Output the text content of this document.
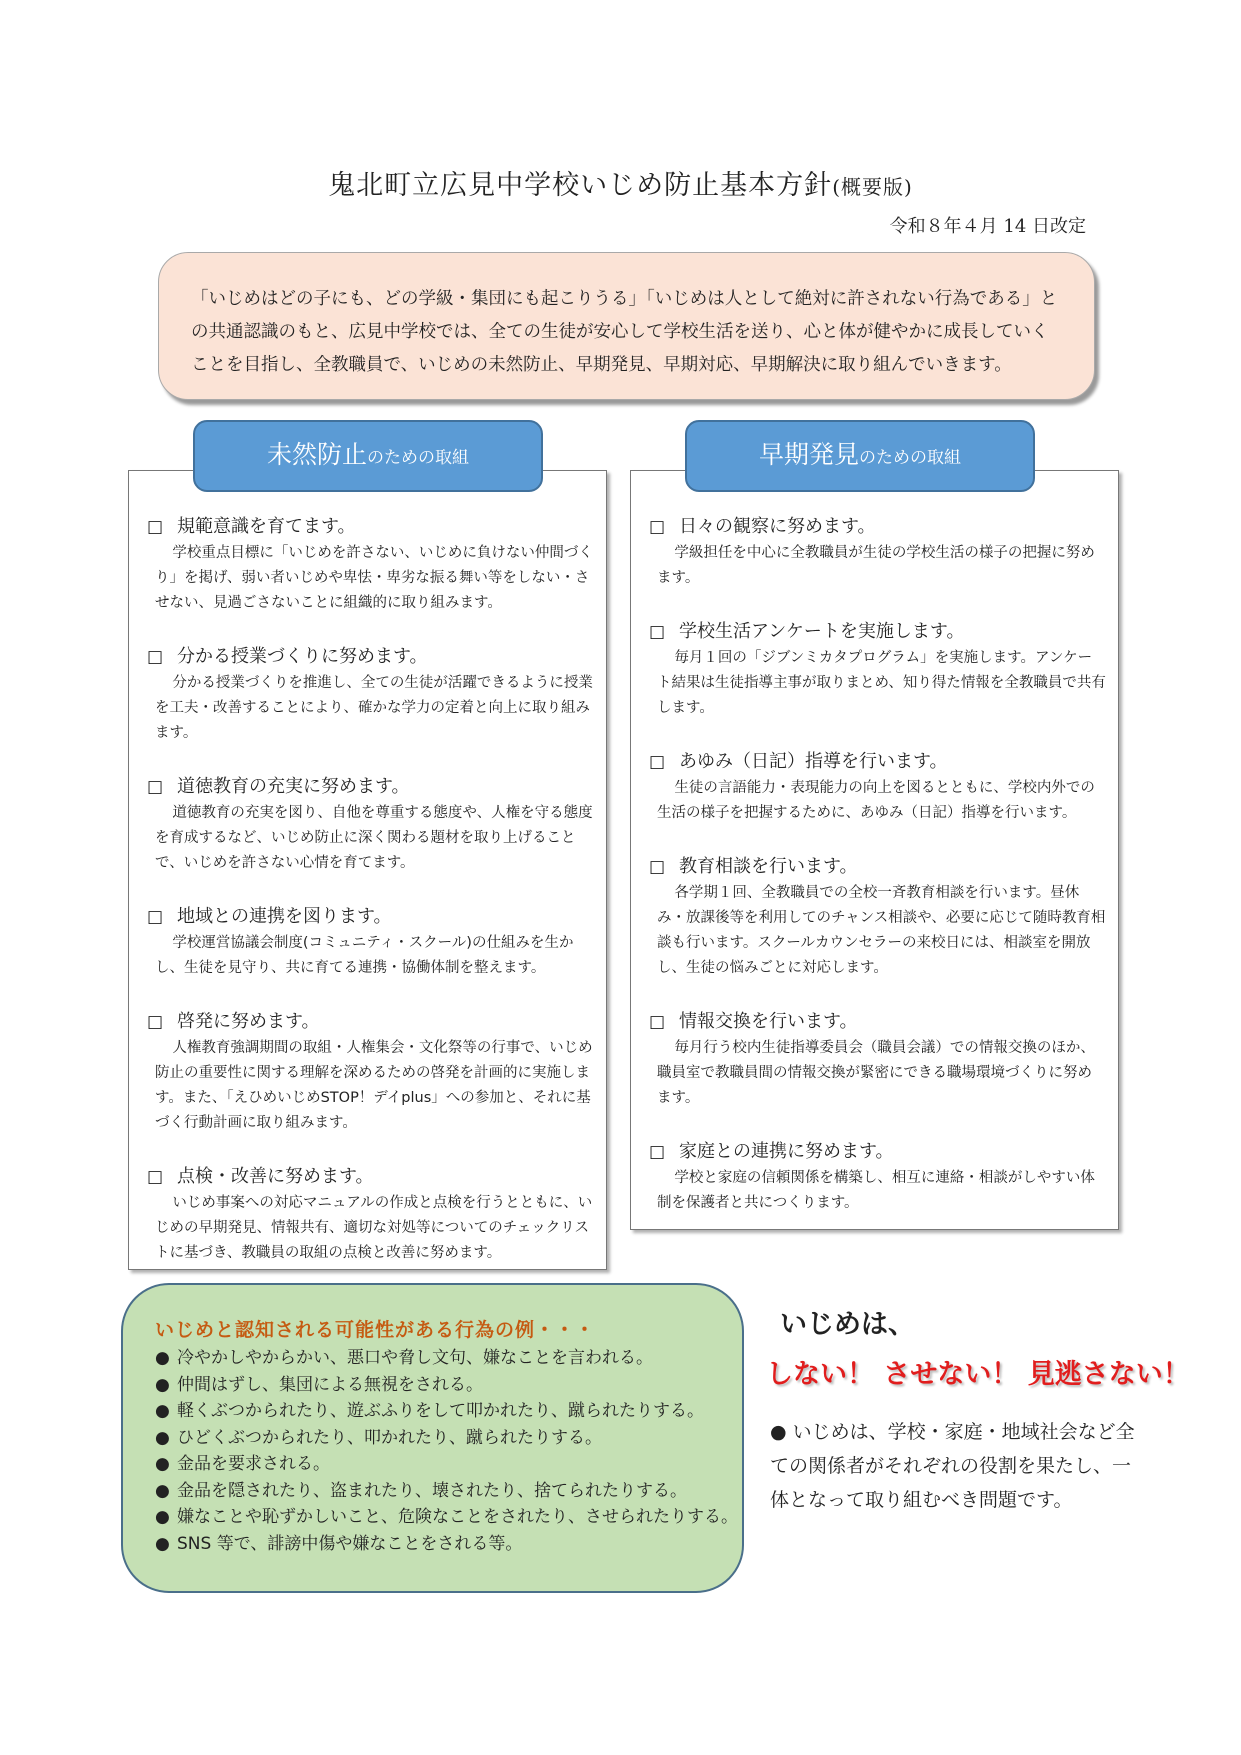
鬼北町立広見中学校いじめ防止基本方針(概要版)
令和８年４月 14 日改定
「いじめはどの子にも、どの学級・集団にも起こりうる」「いじめは人として絶対に許されない行為である」との共通認識のもと、広見中学校では、全ての生徒が安心して学校生活を送り、心と体が健やかに成長していくことを目指し、全教職員で、いじめの未然防止、早期発見、早期対応、早期解決に取り組んでいきます。
□ 規範意識を育てます。
学校重点目標に「いじめを許さない、いじめに負けない仲間づくり」を掲げ、弱い者いじめや卑怯・卑劣な振る舞い等をしない・させない、見過ごさないことに組織的に取り組みます。
□ 分かる授業づくりに努めます。
分かる授業づくりを推進し、全ての生徒が活躍できるように授業を工夫・改善することにより、確かな学力の定着と向上に取り組みます。
□ 道徳教育の充実に努めます。
道徳教育の充実を図り、自他を尊重する態度や、人権を守る態度を育成するなど、いじめ防止に深く関わる題材を取り上げることで、いじめを許さない心情を育てます。
□ 地域との連携を図ります。
学校運営協議会制度(コミュニティ・スクール)の仕組みを生かし、生徒を見守り、共に育てる連携・協働体制を整えます。
□ 啓発に努めます。
人権教育強調期間の取組・人権集会・文化祭等の行事で、いじめ防止の重要性に関する理解を深めるための啓発を計画的に実施します。また、「えひめいじめSTOP！デイplus」への参加と、それに基づく行動計画に取り組みます。
□ 点検・改善に努めます。
いじめ事案への対応マニュアルの作成と点検を行うとともに、いじめの早期発見、情報共有、適切な対処等についてのチェックリストに基づき、教職員の取組の点検と改善に努めます。
未然防止のための取組
□ 日々の観察に努めます。
学級担任を中心に全教職員が生徒の学校生活の様子の把握に努めます。
□ 学校生活アンケートを実施します。
毎月１回の「ジブンミカタプログラム」を実施します。アンケート結果は生徒指導主事が取りまとめ、知り得た情報を全教職員で共有します。
□ あゆみ（日記）指導を行います。
生徒の言語能力・表現能力の向上を図るとともに、学校内外での生活の様子を把握するために、あゆみ（日記）指導を行います。
□ 教育相談を行います。
各学期１回、全教職員での全校一斉教育相談を行います。昼休み・放課後等を利用してのチャンス相談や、必要に応じて随時教育相談も行います。スクールカウンセラーの来校日には、相談室を開放し、生徒の悩みごとに対応します。
□ 情報交換を行います。
毎月行う校内生徒指導委員会（職員会議）での情報交換のほか、職員室で教職員間の情報交換が緊密にできる職場環境づくりに努めます。
□ 家庭との連携に努めます。
学校と家庭の信頼関係を構築し、相互に連絡・相談がしやすい体制を保護者と共につくります。
早期発見のための取組
いじめと認知される可能性がある行為の例・・・
● 冷やかしやからかい、悪口や脅し文句、嫌なことを言われる。
● 仲間はずし、集団による無視をされる。
● 軽くぶつかられたり、遊ぶふりをして叩かれたり、蹴られたりする。
● ひどくぶつかられたり、叩かれたり、蹴られたりする。
● 金品を要求される。
● 金品を隠されたり、盗まれたり、壊されたり、捨てられたりする。
● 嫌なことや恥ずかしいこと、危険なことをされたり、させられたりする。
● SNS 等で、誹謗中傷や嫌なことをされる等。
いじめは、
しない！ させない！ 見逃さない！
● いじめは、学校・家庭・地域社会など全ての関係者がそれぞれの役割を果たし、一体となって取り組むべき問題です。
